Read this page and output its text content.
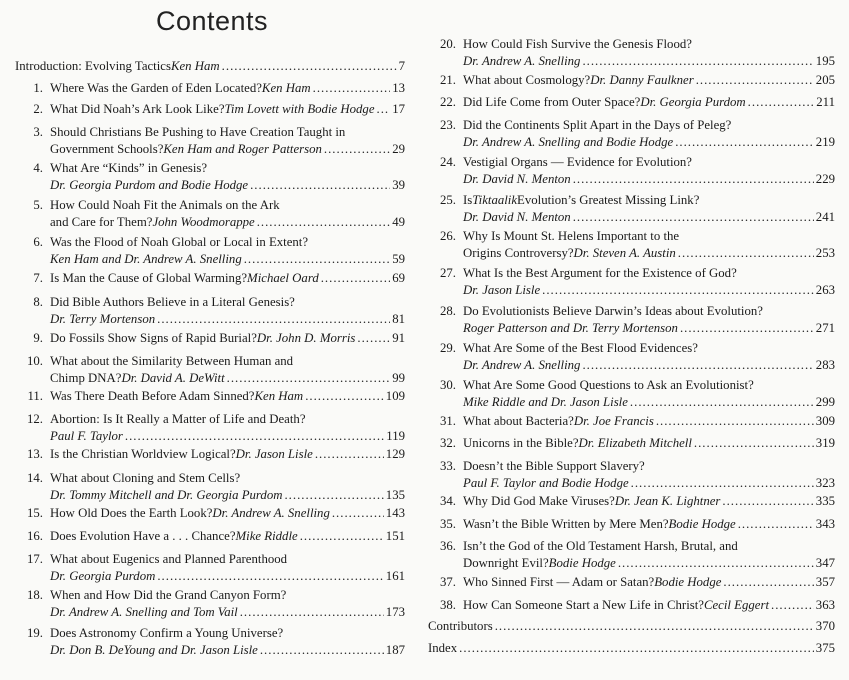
Contents
Introduction: Evolving Tactics Ken Ham .....	7
1. Where Was the Garden of Eden Located? Ken Ham .....	13
2. What Did Noah’s Ark Look Like? Tim Lovett with Bodie Hodge ..... 17
3. Should Christians Be Pushing to Have Creation Taught in
Government Schools? Ken Ham and Roger Patterson .....	29
4. What Are “Kinds” in Genesis?
Dr. Georgia Purdom and Bodie Hodge .....	39
5. How Could Noah Fit the Animals on the Ark
and Care for Them? John Woodmorappe .....	49
6. Was the Flood of Noah Global or Local in Extent?
Ken Ham and Dr. Andrew A. Snelling .....	59
7. Is Man the Cause of Global Warming? Michael Oard .....	69
8. Did Bible Authors Believe in a Literal Genesis?
Dr. Terry Mortenson .....	81
9. Do Fossils Show Signs of Rapid Burial? Dr. John D. Morris .....	91
10. What about the Similarity Between Human and
Chimp DNA? Dr. David A. DeWitt .....	99
11. Was There Death Before Adam Sinned? Ken Ham .....	109
12. Abortion: Is It Really a Matter of Life and Death?
Paul F. Taylor .....	119
13. Is the Christian Worldview Logical? Dr. Jason Lisle .....	129
14. What about Cloning and Stem Cells?
Dr. Tommy Mitchell and Dr. Georgia Purdom .....	135
15. How Old Does the Earth Look? Dr. Andrew A. Snelling .....	143
16. Does Evolution Have a . . . Chance? Mike Riddle .....	151
17. What about Eugenics and Planned Parenthood
Dr. Georgia Purdom .....	161
18. When and How Did the Grand Canyon Form?
Dr. Andrew A. Snelling and Tom Vail .....	173
19. Does Astronomy Confirm a Young Universe?
Dr. Don B. DeYoung and Dr. Jason Lisle .....	187
20. How Could Fish Survive the Genesis Flood?
Dr. Andrew A. Snelling .....	195
21. What about Cosmology? Dr. Danny Faulkner .....	205
22. Did Life Come from Outer Space? Dr. Georgia Purdom .....	211
23. Did the Continents Split Apart in the Days of Peleg?
Dr. Andrew A. Snelling and Bodie Hodge .....	219
24. Vestigial Organs — Evidence for Evolution?
Dr. David N. Menton .....	229
25. Is Tiktaalik Evolution’s Greatest Missing Link?
Dr. David N. Menton .....	241
26. Why Is Mount St. Helens Important to the
Origins Controversy? Dr. Steven A. Austin .....	253
27. What Is the Best Argument for the Existence of God?
Dr. Jason Lisle .....	263
28. Do Evolutionists Believe Darwin’s Ideas about Evolution?
Roger Patterson and Dr. Terry Mortenson .....	271
29. What Are Some of the Best Flood Evidences?
Dr. Andrew A. Snelling .....	283
30. What Are Some Good Questions to Ask an Evolutionist?
Mike Riddle and Dr. Jason Lisle .....	299
31. What about Bacteria? Dr. Joe Francis .....	309
32. Unicorns in the Bible? Dr. Elizabeth Mitchell .....	319
33. Doesn’t the Bible Support Slavery?
Paul F. Taylor and Bodie Hodge .....	323
34. Why Did God Make Viruses? Dr. Jean K. Lightner .....	335
35. Wasn’t the Bible Written by Mere Men? Bodie Hodge .....	343
36. Isn’t the God of the Old Testament Harsh, Brutal, and
Downright Evil? Bodie Hodge .....	347
37. Who Sinned First — Adam or Satan? Bodie Hodge .....	357
38. How Can Someone Start a New Life in Christ? Cecil Eggert .....	363
Contributors .....	370
Index .....	375
